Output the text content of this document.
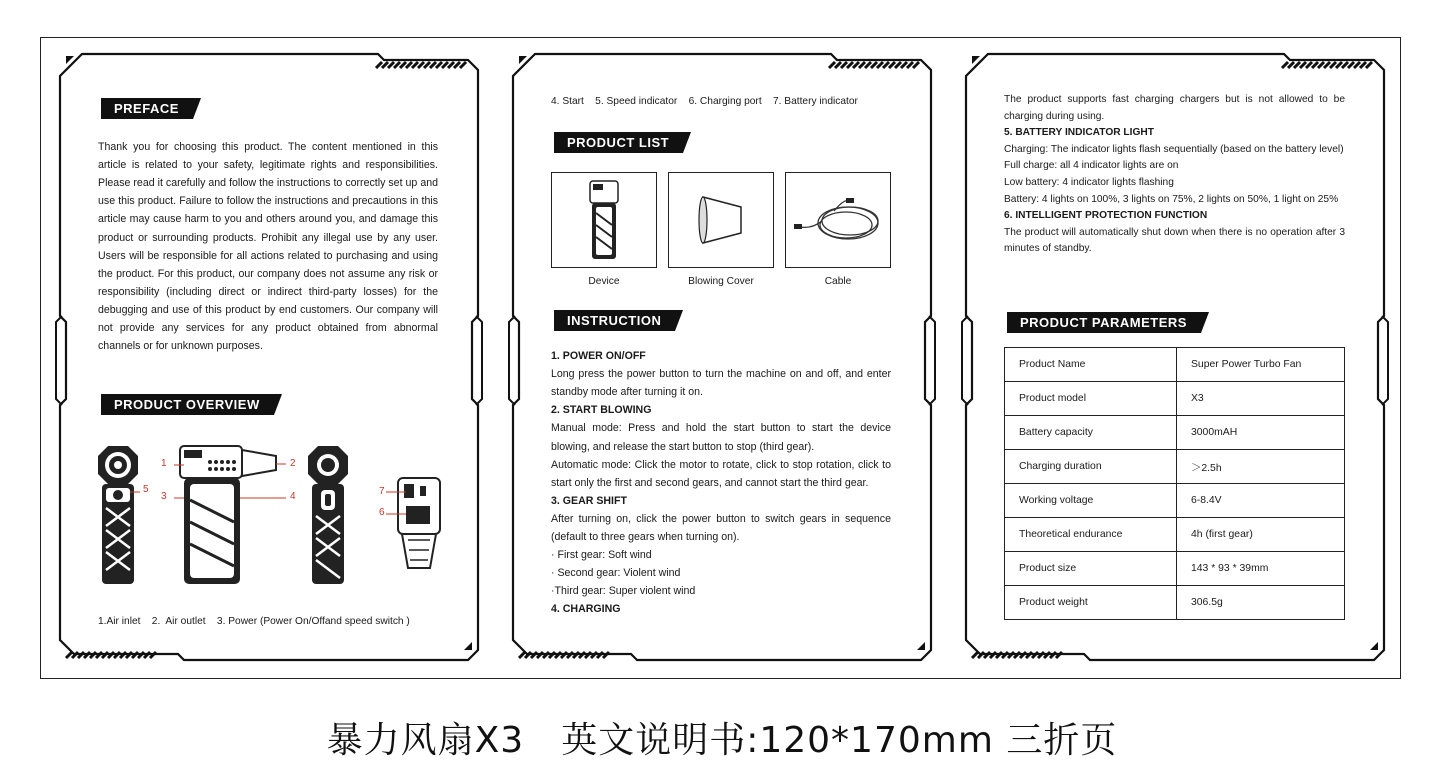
PREFACE

Thank you for choosing this product. The content mentioned in this article is related to your safety, legitimate rights and responsibilities. Please read it carefully and follow the instructions to correctly set up and use this product. Failure to follow the instructions and precautions in this article may cause harm to you and others around you, and damage this product or surrounding products. Prohibit any illegal use by any user. Users will be responsible for all actions related to purchasing and using the product. For this product, our company does not assume any risk or responsibility (including direct or indirect third-party losses) for the debugging and use of this product by end customers. Our company will not provide any services for any product obtained from abnormal channels or for unknown purposes.

PRODUCT OVERVIEW
1	2
3	4
5
6
7
1.Air inlet    2.  Air outlet    3. Power (Power On/Offand speed switch )
4. Start    5. Speed indicator    6. Charging port    7. Battery indicator
PRODUCT LIST
Device	Blowing Cover	Cable
INSTRUCTION
1. POWER ON/OFF

Long press the power button to turn the machine on and off, and enter standby mode after turning it on.

2. START BLOWING

Manual mode: Press and hold the start button to start the device blowing, and release the start button to stop (third gear).

Automatic mode: Click the motor to rotate, click to stop rotation, click to start only the first and second gears, and cannot start the third gear.

3. GEAR SHIFT

After turning on, click the power button to switch gears in sequence (default to three gears when turning on).

· First gear: Soft wind
· Second gear: Violent wind
·Third gear: Super violent wind
4. CHARGING

The product supports fast charging chargers but is not allowed to be charging during using.

5. BATTERY INDICATOR LIGHT

Charging: The indicator lights flash sequentially (based on the battery level)

Full charge: all 4 indicator lights are on
Low battery: 4 indicator lights flashing

Battery: 4 lights on 100%, 3 lights on 75%, 2 lights on 50%, 1 light on 25%

6. INTELLIGENT PROTECTION FUNCTION

The product will automatically shut down when there is no operation after 3 minutes of standby.

PRODUCT PARAMETERS
Product Name	Super Power Turbo Fan
Product model	X3
Battery capacity	3000mAH
Charging duration	＞2.5h
Working voltage	6-8.4V
Theoretical endurance	4h (first gear)
Product size	143 * 93 * 39mm
Product weight	306.5g
暴力风扇X3　英文说明书:120*170mm 三折页
